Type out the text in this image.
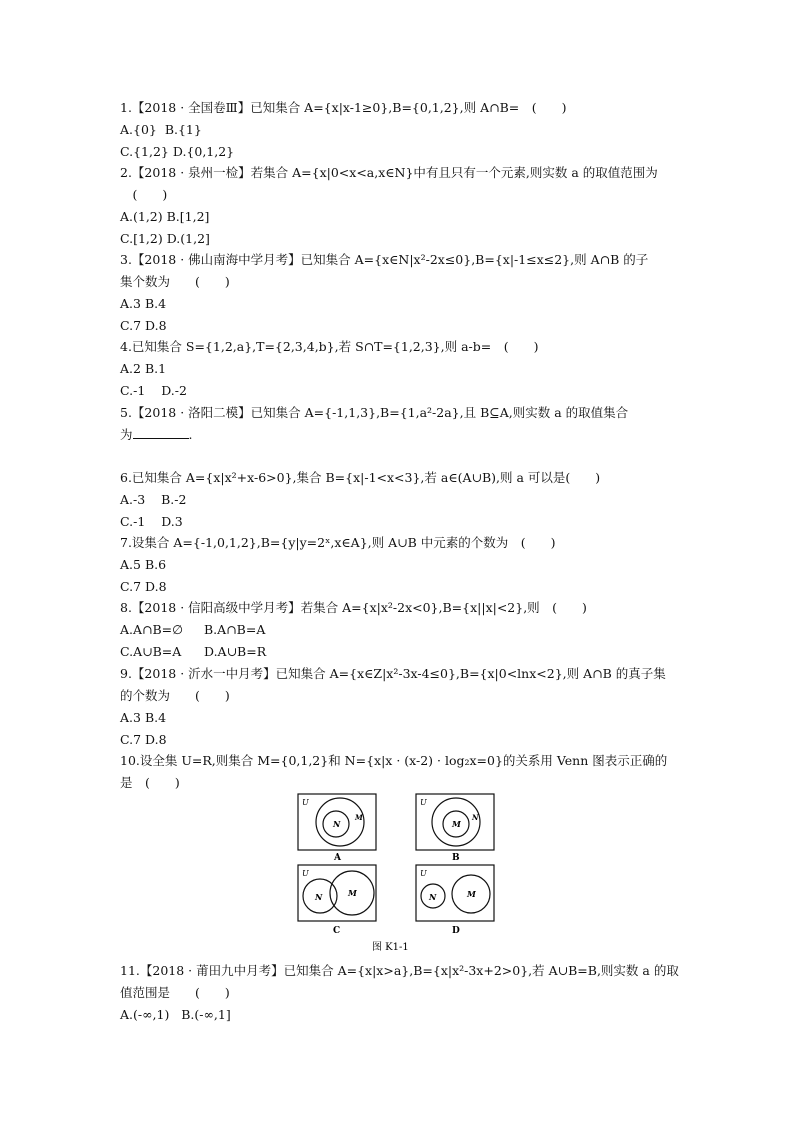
1.【2018 · 全国卷Ⅲ】已知集合 A={x|x-1≥0},B={0,1,2},则 A∩B=　(　　)
A.{0} B.{1}
C.{1,2} D.{0,1,2}
2.【2018 · 泉州一检】若集合 A={x|0<x<a,x∈N}中有且只有一个元素,则实数 a 的取值范围为
　(　　)
A.(1,2) B.[1,2]
C.[1,2) D.(1,2]
3.【2018 · 佛山南海中学月考】已知集合 A={x∈N|x²-2x≤0},B={x|-1≤x≤2},则 A∩B 的子
集个数为　　(　　)
A.3 B.4
C.7 D.8
4.已知集合 S={1,2,a},T={2,3,4,b},若 S∩T={1,2,3},则 a-b=　(　　)
A.2 B.1
C.-1 D.-2
5.【2018 · 洛阳二模】已知集合 A={-1,1,3},B={1,a²-2a},且 B⊆A,则实数 a 的取值集合
为	.
6.已知集合 A={x|x²+x-6>0},集合 B={x|-1<x<3},若 a∈(A∪B),则 a 可以是(　　)
A.-3 B.-2
C.-1 D.3
7.设集合 A={-1,0,1,2},B={y|y=2ˣ,x∈A},则 A∪B 中元素的个数为　(　　)
A.5 B.6
C.7 D.8
8.【2018 · 信阳高级中学月考】若集合 A={x|x²-2x<0},B={x||x|<2},则　(　　)
A.A∩B=∅ B.A∩B=A
C.A∪B=A D.A∪B=R
9.【2018 · 沂水一中月考】已知集合 A={x∈Z|x²-3x-4≤0},B={x|0<lnx<2},则 A∩B 的真子集
的个数为　　(　　)
A.3 B.4
C.7 D.8
10.设全集 U=R,则集合 M={0,1,2}和 N={x|x · (x-2) · log₂x=0}的关系用 Venn 图表示正确的
是　(　　)
U
N
M
A
U
M
N
B
U
N	M
C
U
N	M
D
图 K1-1
11.【2018 · 莆田九中月考】已知集合 A={x|x>a},B={x|x²-3x+2>0},若 A∪B=B,则实数 a 的取
值范围是　　(　　)
A.(-∞,1) B.(-∞,1]
